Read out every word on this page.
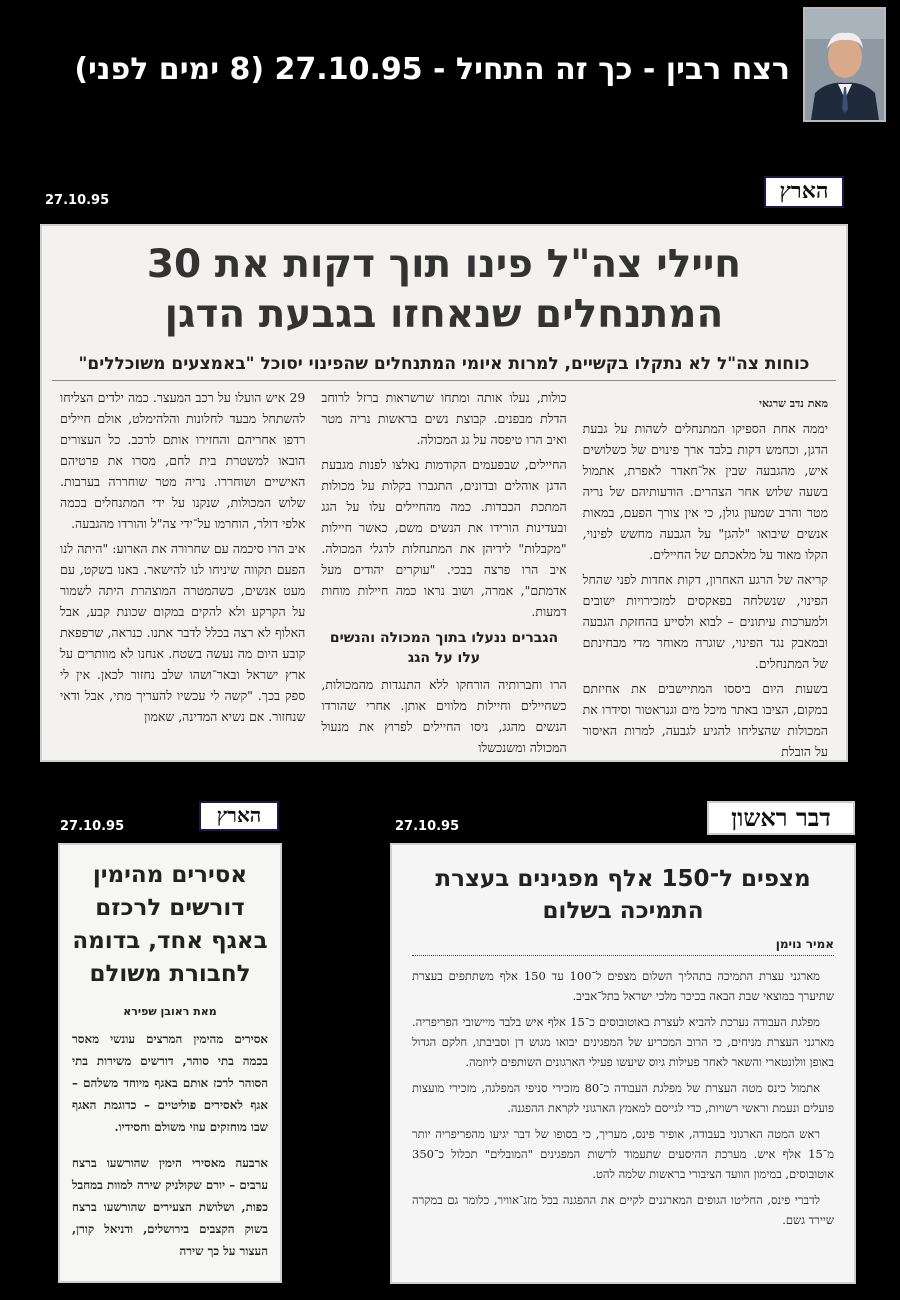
רצח רבין - כך זה התחיל - 27.10.95 (8 ימים לפני)
27.10.95	הארץ
חיילי צה"ל פינו תוך דקות את 30
המתנחלים שנאחזו בגבעת הדגן
כוחות צה"ל לא נתקלו בקשיים, למרות איומי המתנחלים שהפינוי יסוכל "באמצעים משוכללים"
מאת נדב שרגאי

יממה אחת הספיקו המתנחלים לשהות על גבעת הדגן, וכחמש דקות בלבד ארך פינוים של כשלושים איש, מהגבעה שבין אל־חאדר לאפרת, אתמול בשעה שלוש אחר הצהרים. הודעותיהם של נריה מטר והרב שמעון גולן, כי אין צורך הפעם, במאות אנשים שיבואו "להגן" על הגבעה מחשש לפינוי, הקלו מאוד על מלאכתם של החיילים.

קריאה של הרגע האחרון, דקות אחדות לפני שהחל הפינוי, שנשלחה בפאקסים למזכירויות ישובים ולמערכות עיתונים – לבוא ולסייע בהחזקת הגבעה ובמאבק נגד הפינוי, שוגרה מאוחר מדי מבחינתם של המתנחלים.

בשעות היום ביססו המתיישבים את אחיזתם במקום, הציבו באתר מיכל מים וגנראטור וסידרו את המכולות שהצליחו להגיע לגבעה, למרות האיסור על הובלת

כולות, נעלו אותה ומתחו שרשראות ברזל לרוחב הדלת מבפנים. קבוצת נשים בראשות נריה מטר ואיב הרו טיפסה על גג המכולה.

החיילים, שבפעמים הקודמות נאלצו לפנות מגבעת הדגן אוהלים ובדונים, התגברו בקלות על מכולות המתכת הכבדות. כמה מהחיילים עלו על הגג ובעדינות הורידו את הנשים משם, כאשר חיילות "מקבלות" לידיהן את המתנחלות לרגלי המכולה. איב הרו פרצה בבכי. "עוקרים יהודים מעל אדמתם", אמרה, ושוב נראו כמה חיילות מוחות דמעות.

הגברים ננעלו בתוך המכולה והנשים עלו על הגג

הרו וחברותיה הורחקו ללא התנגדות מהמכולות, כשחיילים וחיילות מלווים אותן. אחרי שהורדו הנשים מהגג, ניסו החיילים לפרוץ את מנעול המכולה ומשנכשלו

29 איש הועלו על רכב המעצר. כמה ילדים הצליחו להשתחל מבעד לחלונות והלהימלט, אולם חיילים רדפו אחריהם והחזירו אותם לרכב. כל העצורים הובאו למשטרת בית לחם, מסרו את פרטיהם האישיים ושוחררו. נריה מטר שוחררה בערבות. שלוש המכולות, שנקנו על ידי המתנחלים בכמה אלפי דולר, הוחרמו על־ידי צה"ל והורדו מהגבעה.

איב הרו סיכמה עם שחרורה את הארוע: "היתה לנו הפעם תקווה שיניחו לנו להישאר. באנו בשקט, עם מעט אנשים, כשהמטרה המוצהרת היתה לשמור על הקרקע ולא להקים במקום שכונת קבע, אבל האלוף לא רצה בכלל לדבר אתנו. כנראה, שרפפאת קובע היום מה נעשה בשטח. אנחנו לא מוותרים על ארץ ישראל ובאר־ושהו שלב נחזור לכאן. אין לי ספק בכך. "קשה לי עכשיו להעריך מתי, אבל ודאי שנחזור. אם נשיא המדינה, שאמון

27.10.95	הארץ
אסירים מהימין דורשים לרכזם באגף אחד, בדומה לחבורת משולם
מאת ראובן שפירא

אסירים מהימין המרצים עונשי מאסר בכמה בתי סוהר, דורשים משירות בתי הסוהר לרכז אותם באגף מיוחד משלהם – אגף לאסירים פוליטיים – כדוגמת האגף שבו מוחזקים עוזי משולם וחסידיו.

ארבעה מאסירי הימין שהורשעו ברצח ערבים – יורם שקולניק שירה למוות במחבל כפות, ושלושת הצעירים שהורשעו ברצח בשוק הקצבים בירושלים, ודניאל קורן, העצור על כך שירה

27.10.95	דבר ראשון
מצפים ל־150 אלף מפגינים בעצרת התמיכה בשלום
אמיר נוימן

מארגני עצרת התמיכה בתהליך השלום מצפים ל־100 עד 150 אלף משתתפים בעצרת שתיערך במוצאי שבת הבאה בכיכר מלכי ישראל בתל־אביב.

מפלגת העבודה נערכת להביא לעצרת באוטובוסים כ־15 אלף איש בלבד מיישובי הפריפריה. מארגני העצרת מניחים, כי הרוב המכריע של המפגינים יבואו מגוש דן וסביבתו, חלקם הגדול באופן וולונטארי והשאר לאחר פעילות גיוס שיעשו פעילי הארגונים השותפים ליוזמה.

אתמול כינס מטה העצרת של מפלגת העבודה כ־80 מזכירי סניפי המפלגה, מזכירי מועצות פועלים ונעמת וראשי רשויות, כדי לגייסם למאמץ הארגוני לקראת ההפגנה.

ראש המטה הארגוני בעבודה, אופיר פינס, מעריך, כי בסופו של דבר יגיעו מהפריפריה יותר מ־15 אלף איש. מערכת ההיסעים שתעמוד לרשות המפגינים "המובלים" תכלול כ־350 אוטובוסים, במימון הוועד הציבורי בראשות שלמה להט.

לדברי פינס, החליטו הגופים המארגנים לקיים את ההפגנה בכל מזג־אוויר, כלומר גם במקרה שיירד גשם.
